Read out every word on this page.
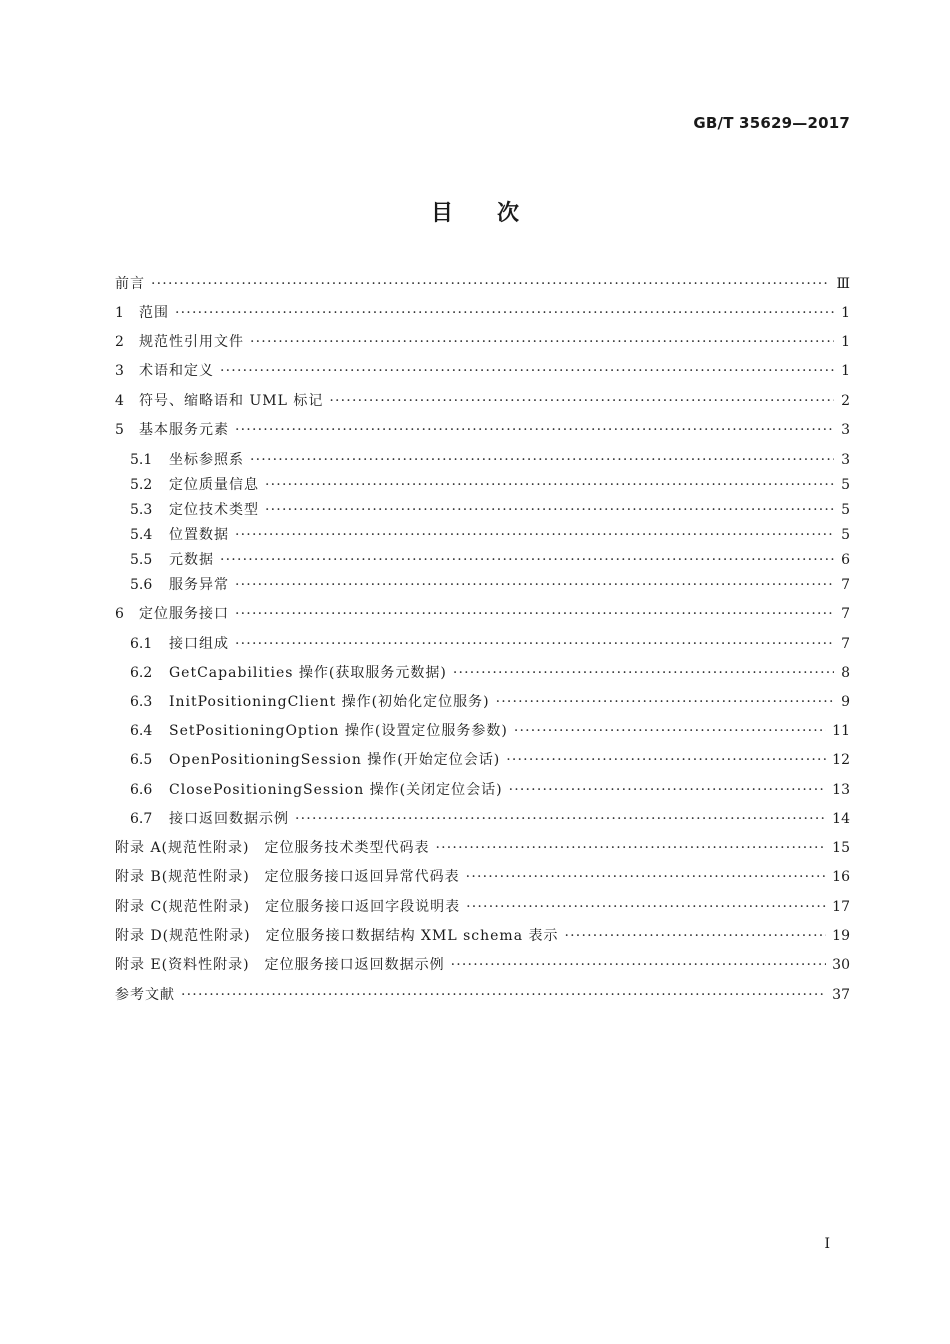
GB/T 35629—2017
目次
前言 ·····	Ⅲ
1	范围 ·····	1
2	规范性引用文件 ·····	1
3	术语和定义 ·····	1
4	符号、缩略语和 UML 标记 ·····	2
5	基本服务元素 ·····	3
5.1	坐标参照系 ·····	3
5.2	定位质量信息 ·····	5
5.3	定位技术类型 ·····	5
5.4	位置数据 ·····	5
5.5	元数据 ·····	6
5.6	服务异常 ·····	7
6	定位服务接口 ·····	7
6.1	接口组成 ·····	7
6.2	GetCapabilities 操作(获取服务元数据) ·····	8
6.3	InitPositioningClient 操作(初始化定位服务) ·····	9
6.4	SetPositioningOption 操作(设置定位服务参数) ·····	11
6.5	OpenPositioningSession 操作(开始定位会话) ·····	12
6.6	ClosePositioningSession 操作(关闭定位会话) ·····	13
6.7	接口返回数据示例 ·····	14
附录 A(规范性附录)　定位服务技术类型代码表 ·····	15
附录 B(规范性附录)　定位服务接口返回异常代码表 ·····	16
附录 C(规范性附录)　定位服务接口返回字段说明表 ·····	17
附录 D(规范性附录)　定位服务接口数据结构 XML schema 表示 ·····	19
附录 E(资料性附录)　定位服务接口返回数据示例 ·····	30
参考文献 ·····	37
I
